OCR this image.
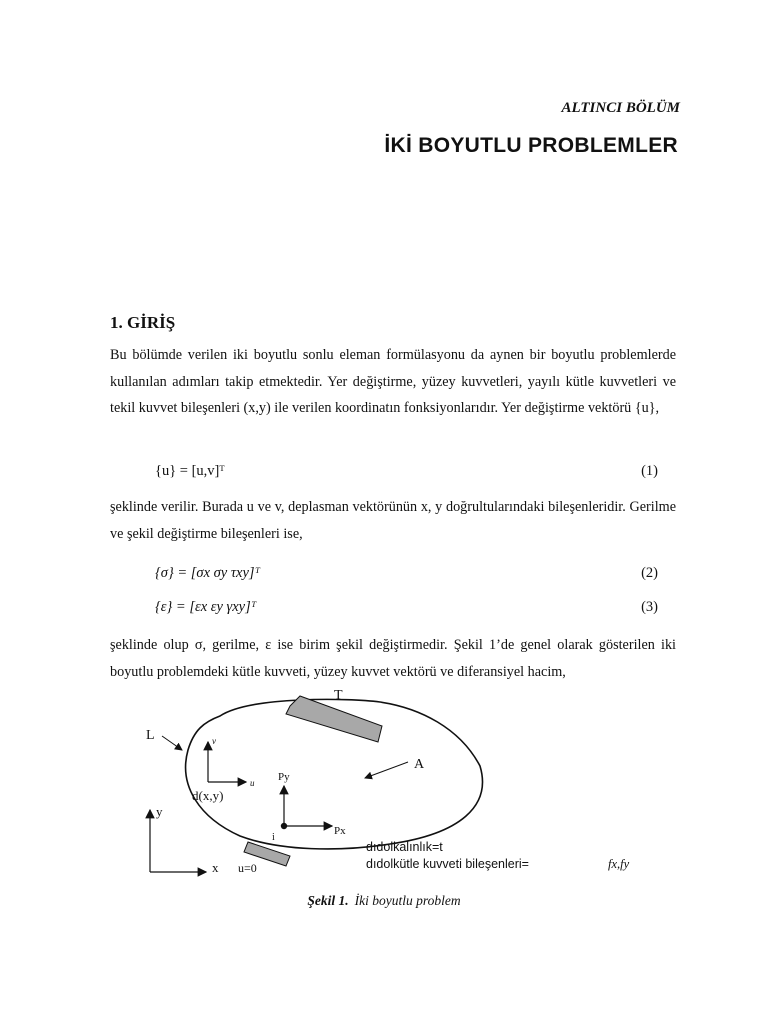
ALTINCI BÖLÜM
İKİ BOYUTLU PROBLEMLER
1. GİRİŞ
Bu bölümde verilen iki boyutlu sonlu eleman formülasyonu da aynen bir boyutlu problemlerde kullanılan adımları takip etmektedir. Yer değiştirme, yüzey kuvvetleri, yayılı kütle kuvvetleri ve tekil kuvvet bileşenleri (x,y) ile verilen koordinatın fonksiyonlarıdır. Yer değiştirme vektörü {u},
{u} = [u,v]ᵀ	(1)
şeklinde verilir. Burada u ve v, deplasman vektörünün x, y doğrultularındaki bileşenleridir. Gerilme ve şekil değiştirme bileşenleri ise,
{σ} = [σx σy τxy]ᵀ	(2)
{ε} = [εx εy γxy]ᵀ	(3)
şeklinde olup σ, gerilme, ε ise birim şekil değiştirmedir. Şekil 1’de genel olarak gösterilen iki boyutlu problemdeki kütle kuvveti, yüzey kuvvet vektörü ve diferansiyel hacim,
T
L
A
v
u
d(x,y)
Py
Px
i
y
x u=0
dıdolkalınlık=t
dıdolkütle kuvveti bileşenleri=	fx,fy
Şekil 1. İki boyutlu problem
